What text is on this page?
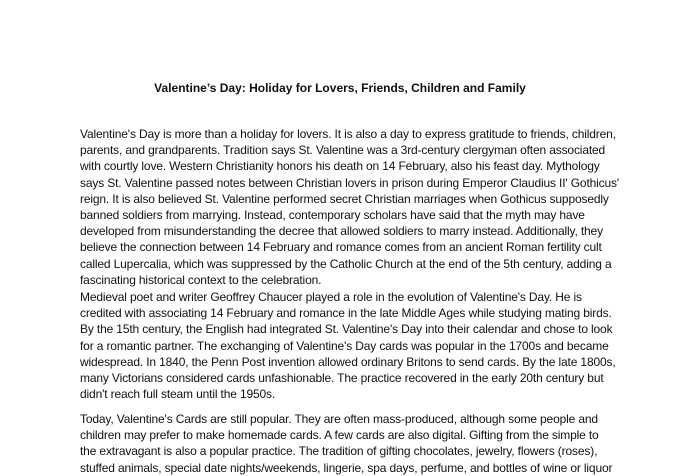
Valentine’s Day: Holiday for Lovers, Friends, Children and Family
Valentine's Day is more than a holiday for lovers. It is also a day to express gratitude to friends, children,
parents, and grandparents. Tradition says St. Valentine was a 3rd-century clergyman often associated
with courtly love. Western Christianity honors his death on 14 February, also his feast day. Mythology
says St. Valentine passed notes between Christian lovers in prison during Emperor Claudius II' Gothicus'
reign. It is also believed St. Valentine performed secret Christian marriages when Gothicus supposedly
banned soldiers from marrying. Instead, contemporary scholars have said that the myth may have
developed from misunderstanding the decree that allowed soldiers to marry instead. Additionally, they
believe the connection between 14 February and romance comes from an ancient Roman fertility cult
called Lupercalia, which was suppressed by the Catholic Church at the end of the 5th century, adding a
fascinating historical context to the celebration.
Medieval poet and writer Geoffrey Chaucer played a role in the evolution of Valentine's Day. He is
credited with associating 14 February and romance in the late Middle Ages while studying mating birds.
By the 15th century, the English had integrated St. Valentine's Day into their calendar and chose to look
for a romantic partner. The exchanging of Valentine's Day cards was popular in the 1700s and became
widespread. In 1840, the Penn Post invention allowed ordinary Britons to send cards. By the late 1800s,
many Victorians considered cards unfashionable. The practice recovered in the early 20th century but
didn't reach full steam until the 1950s.
Today, Valentine's Cards are still popular. They are often mass-produced, although some people and
children may prefer to make homemade cards. A few cards are also digital. Gifting from the simple to
the extravagant is also a popular practice. The tradition of gifting chocolates, jewelry, flowers (roses),
stuffed animals, special date nights/weekends, lingerie, spa days, perfume, and bottles of wine or liquor
